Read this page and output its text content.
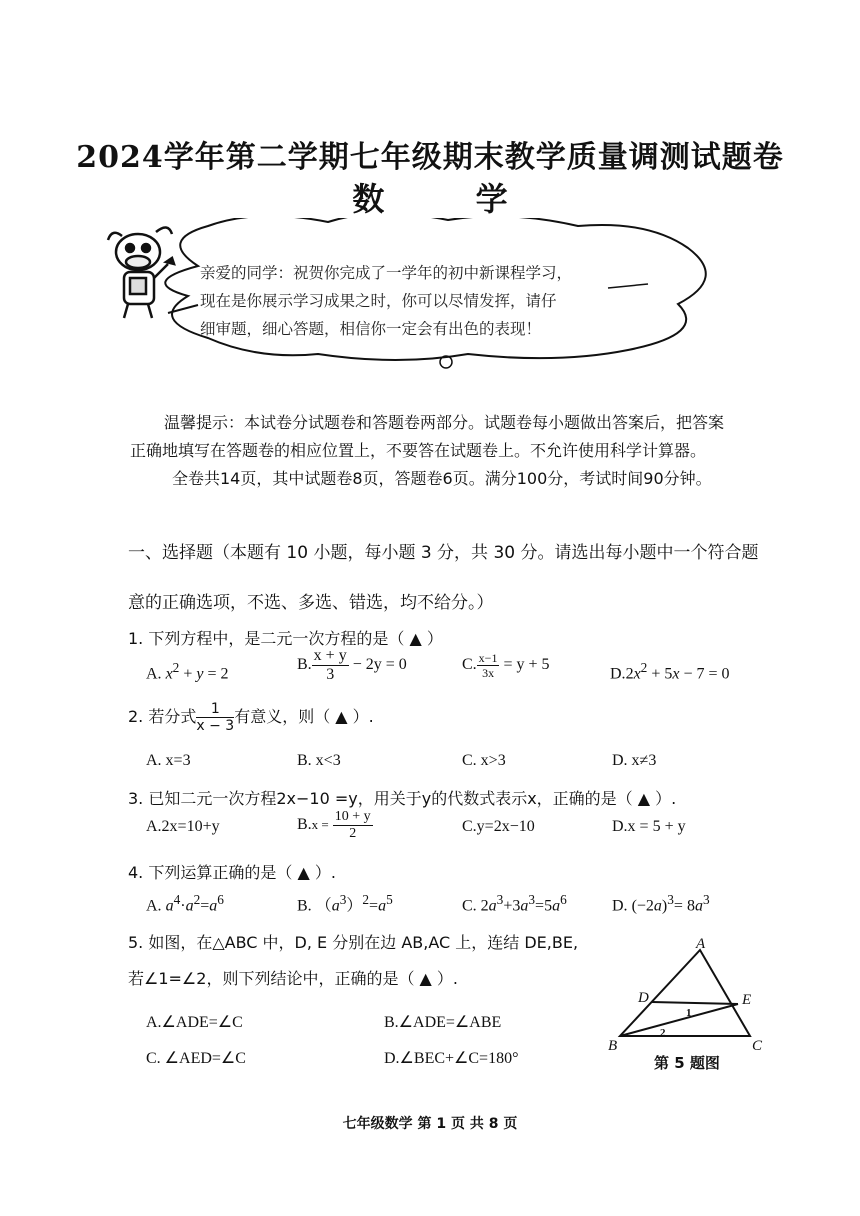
2024学年第二学期七年级期末教学质量调测试题卷
数 学
亲爱的同学：祝贺你完成了一学年的初中新课程学习，
现在是你展示学习成果之时，你可以尽情发挥，请仔
细审题，细心答题，相信你一定会有出色的表现！
温馨提示：本试卷分试题卷和答题卷两部分。试题卷每小题做出答案后，把答案
正确地填写在答题卷的相应位置上，不要答在试题卷上。不允许使用科学计算器。
全卷共14页，其中试题卷8页，答题卷6页。满分100分，考试时间90分钟。
一、选择题（本题有 10 小题，每小题 3 分，共 30 分。请选出每小题中一个符合题
意的正确选项，不选、多选、错选，均不给分。）
1. 下列方程中，是二元一次方程的是（ ▲ ）
A. $x^2 + y = 2$
B. $\frac{x + y}{3} - 2y = 0$	C. $\frac{x-1}{3x} = y + 5$
$D.2x^2 + 5x - 7 = 0$
2. 若分式 $\frac{1}{x - 3}$ 有意义，则（ ▲ ）.
A. x=3	B. x<3	C. x>3	D. x≠3
3. 已知二元一次方程2x−10 =y，用关于y的代数式表示x，正确的是（ ▲ ）.
A.2x=10+y	$B.x = \frac{10 + y}{2}$	C.y=2x−10	D.x = 5 + y
4. 下列运算正确的是（ ▲ ）.
A. $a^4\cdot a^2=a^6$	B. $(a^3)^2=a^5$	C. $2a^3+3a^3=5a^6$	D. $(-2a)^3= 8a^3$
5. 如图，在△ABC 中，D, E 分别在边 AB,AC 上，连结 DE,BE,
若∠1=∠2，则下列结论中，正确的是（ ▲ ）.
A.∠ADE=∠C	B.∠ADE=∠ABE
C. ∠AED=∠C	D.∠BEC+∠C=180°
A
B	C
D	E
1
2
第 5 题图
七年级数学 第 1 页 共 8 页
